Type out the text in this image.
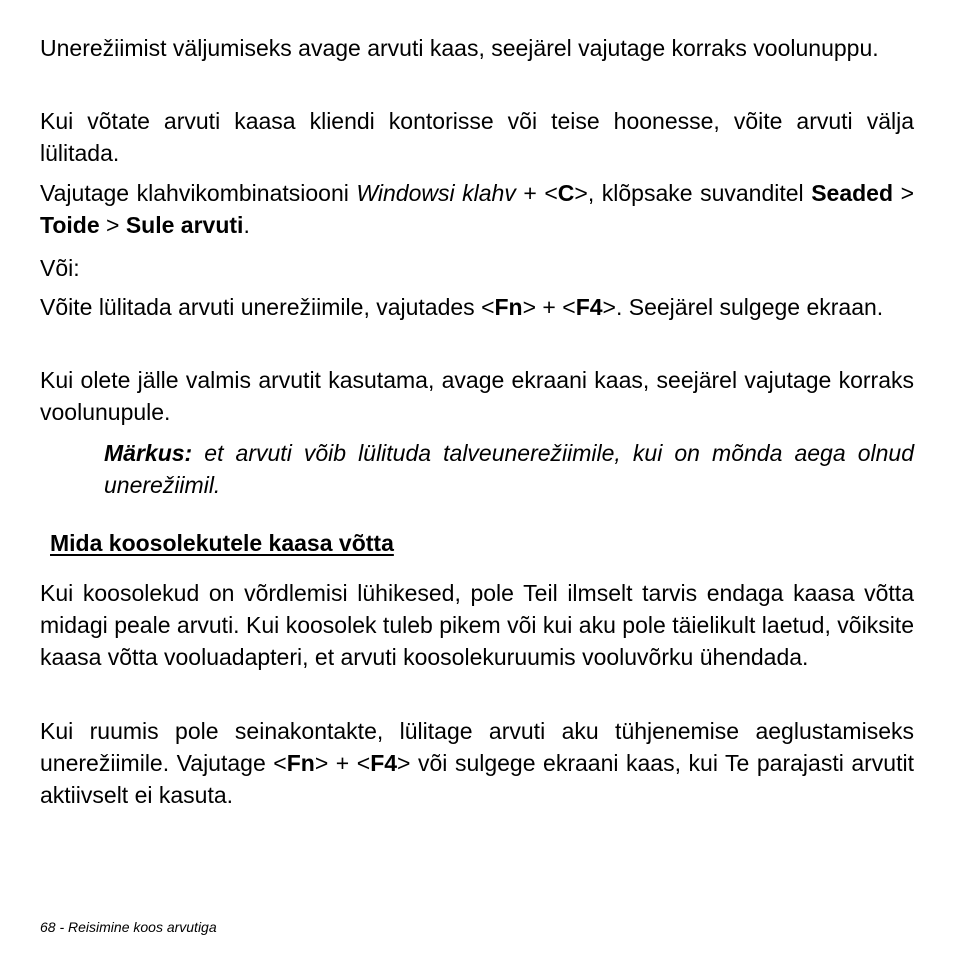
Unerežiimist väljumiseks avage arvuti kaas, seejärel vajutage korraks voolunuppu.

Kui võtate arvuti kaasa kliendi kontorisse või teise hoonesse, võite arvuti välja lülitada.

Vajutage klahvikombinatsiooni Windowsi klahv + <C>, klõpsake suvanditel Seaded > Toide > Sule arvuti.

Või:

Võite lülitada arvuti unerežiimile, vajutades <Fn> + <F4>. Seejärel sulgege ekraan.

Kui olete jälle valmis arvutit kasutama, avage ekraani kaas, seejärel vajutage korraks voolunupule.

Märkus: et arvuti võib lülituda talveunerežiimile, kui on mõnda aega olnud unerežiimil.

Mida koosolekutele kaasa võtta

Kui koosolekud on võrdlemisi lühikesed, pole Teil ilmselt tarvis endaga kaasa võtta midagi peale arvuti. Kui koosolek tuleb pikem või kui aku pole täielikult laetud, võiksite kaasa võtta vooluadapteri, et arvuti koosolekuruumis vooluvõrku ühendada.

Kui ruumis pole seinakontakte, lülitage arvuti aku tühjenemise aeglustamiseks unerežiimile. Vajutage <Fn> + <F4> või sulgege ekraani kaas, kui Te parajasti arvutit aktiivselt ei kasuta.

68 - Reisimine koos arvutiga
